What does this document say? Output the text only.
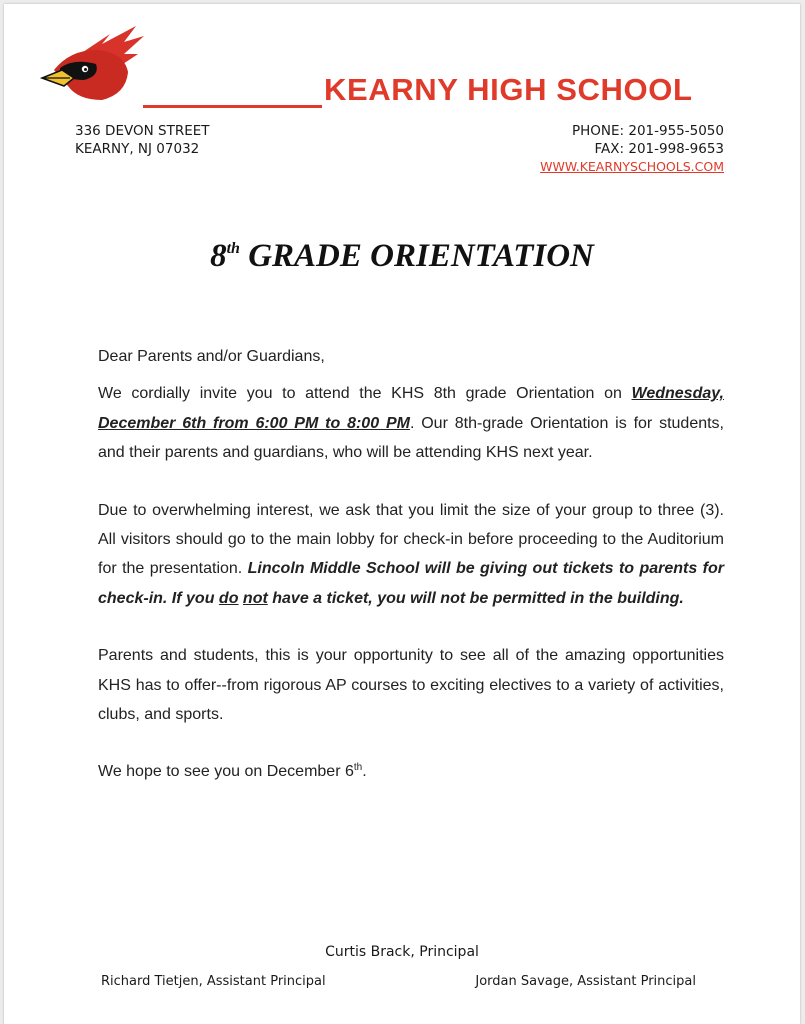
KEARNY HIGH SCHOOL
336 DEVON STREET
KEARNY, NJ 07032
PHONE: 201-955-5050
FAX: 201-998-9653
WWW.KEARNYSCHOOLS.COM
8th GRADE ORIENTATION

Dear Parents and/or Guardians,

We cordially invite you to attend the KHS 8th grade Orientation on Wednesday, December 6th from 6:00 PM to 8:00 PM. Our 8th-grade Orientation is for students, and their parents and guardians, who will be attending KHS next year.

Due to overwhelming interest, we ask that you limit the size of your group to three (3). All visitors should go to the main lobby for check-in before proceeding to the Auditorium for the presentation. Lincoln Middle School will be giving out tickets to parents for check-in. If you do not have a ticket, you will not be permitted in the building.

Parents and students, this is your opportunity to see all of the amazing opportunities KHS has to offer--from rigorous AP courses to exciting electives to a variety of activities, clubs, and sports.

We hope to see you on December 6th.

Curtis Brack, Principal
Richard Tietjen, Assistant Principal	Jordan Savage, Assistant Principal
